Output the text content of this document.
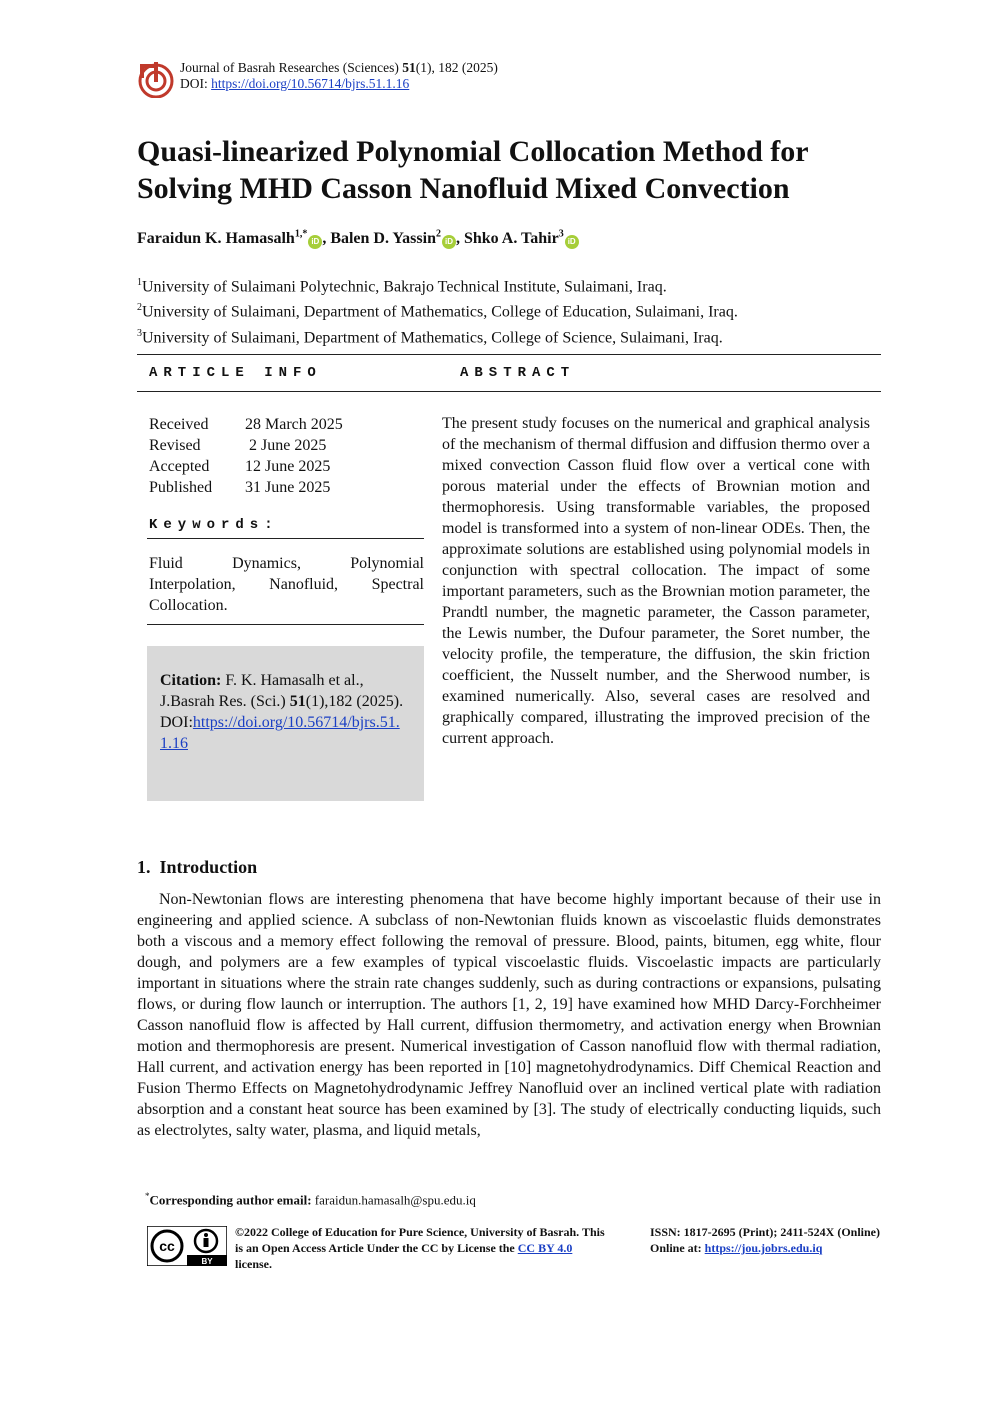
Journal of Basrah Researches (Sciences) 51(1), 182 (2025)
DOI: https://doi.org/10.56714/bjrs.51.1.16
Quasi-linearized Polynomial Collocation Method for
Solving MHD Casson Nanofluid Mixed Convection
Faraidun K. Hamasalh$^{1,*}$iD , Balen D. Yassin$^2$iD , Shko A. Tahir$^3$iD
$^1$University of Sulaimani Polytechnic, Bakrajo Technical Institute, Sulaimani, Iraq.
$^2$University of Sulaimani, Department of Mathematics, College of Education, Sulaimani, Iraq.
$^3$University of Sulaimani, Department of Mathematics, College of Science, Sulaimani, Iraq.
ARTICLE INFO	ABSTRACT
Received	28 March 2025
Revised	2 June 2025
Accepted	12 June 2025
Published	31 June 2025
Keywords:
Fluid Dynamics, Polynomial Interpolation, Nanofluid, Spectral Collocation.
Citation: F. K. Hamasalh et al., J.Basrah Res. (Sci.) 51(1),182 (2025).
DOI:https://doi.org/10.56714/bjrs.51.1.16
The present study focuses on the numerical and graphical analysis of the mechanism of thermal diffusion and diffusion thermo over a mixed convection Casson fluid flow over a vertical cone with porous material under the effects of Brownian motion and thermophoresis. Using transformable variables, the proposed model is transformed into a system of non-linear ODEs. Then, the approximate solutions are established using polynomial models in conjunction with spectral collocation. The impact of some important parameters, such as the Brownian motion parameter, the Prandtl number, the magnetic parameter, the Casson parameter, the Lewis number, the Dufour parameter, the Soret number, the velocity profile, the temperature, the diffusion, the skin friction coefficient, the Nusselt number, and the Sherwood number, is examined numerically. Also, several cases are resolved and graphically compared, illustrating the improved precision of the current approach.
1.  Introduction
Non-Newtonian flows are interesting phenomena that have become highly important because of their use in engineering and applied science. A subclass of non-Newtonian fluids known as viscoelastic fluids demonstrates both a viscous and a memory effect following the removal of pressure. Blood, paints, bitumen, egg white, flour dough, and polymers are a few examples of typical viscoelastic fluids. Viscoelastic impacts are particularly important in situations where the strain rate changes suddenly, such as during contractions or expansions, pulsating flows, or during flow launch or interruption. The authors [1, 2, 19] have examined how MHD Darcy-Forchheimer Casson nanofluid flow is affected by Hall current, diffusion thermometry, and activation energy when Brownian motion and thermophoresis are present. Numerical investigation of Casson nanofluid flow with thermal radiation, Hall current, and activation energy has been reported in [10] magnetohydrodynamics. Diff Chemical Reaction and Fusion Thermo Effects on Magnetohydrodynamic Jeffrey Nanofluid over an inclined vertical plate with radiation absorption and a constant heat source has been examined by [3]. The study of electrically conducting liquids, such as electrolytes, salty water, plasma, and liquid metals,
*Corresponding author email: faraidun.hamasalh@spu.edu.iq
BY
cc
©2022 College of Education for Pure Science, University of Basrah. This is an Open Access Article Under the CC by License the CC BY 4.0 license.
ISSN: 1817-2695 (Print); 2411-524X (Online)
Online at: https://jou.jobrs.edu.iq
